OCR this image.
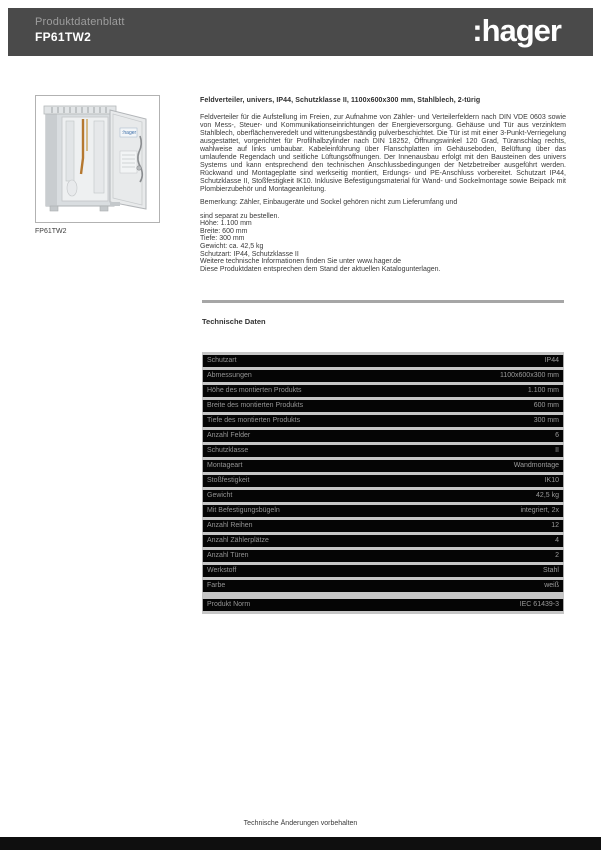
Produktdatenblatt
FP61TW2	:hager
:hager
FP61TW2
Feldverteiler, univers, IP44, Schutzklasse II, 1100x600x300 mm, Stahlblech, 2-türig

Feldverteiler für die Aufstellung im Freien, zur Aufnahme von Zähler- und Verteilerfeldern nach DIN VDE 0603 sowie von Mess-, Steuer- und Kommunikationseinrichtungen der Energieversorgung. Gehäuse und Tür aus verzinktem Stahlblech, oberflächenveredelt und witterungsbeständig pulverbeschichtet. Die Tür ist mit einer 3-Punkt-Verriegelung ausgestattet, vorgerichtet für Profilhalbzylinder nach DIN 18252, Öffnungswinkel 120 Grad, Türanschlag rechts, wahlweise auf links umbaubar. Kabeleinführung über Flanschplatten im Gehäuseboden, Belüftung über das umlaufende Regendach und seitliche Lüftungsöffnungen. Der Innenausbau erfolgt mit den Bausteinen des univers Systems und kann entsprechend den technischen Anschlussbedingungen der Netzbetreiber ausgeführt werden. Rückwand und Montageplatte sind werkseitig montiert, Erdungs- und PE-Anschluss vorbereitet. Schutzart IP44, Schutzklasse II, Stoßfestigkeit IK10. Inklusive Befestigungsmaterial für Wand- und Sockelmontage sowie Beipack mit Plombierzubehör und Montageanleitung.

Bemerkung: Zähler, Einbaugeräte und Sockel gehören nicht zum Lieferumfang und
sind separat zu bestellen.
Höhe: 1.100 mm
Breite: 600 mm
Tiefe: 300 mm
Gewicht: ca. 42,5 kg
Schutzart: IP44, Schutzklasse II
Weitere technische Informationen finden Sie unter www.hager.de
Diese Produktdaten entsprechen dem Stand der aktuellen Katalogunterlagen.
Technische Daten
Schutzart	IP44
Abmessungen	1100x600x300 mm
Höhe des montierten Produkts	1.100 mm
Breite des montierten Produkts	600 mm
Tiefe des montierten Produkts	300 mm
Anzahl Felder	6
Schutzklasse	II
Montageart	Wandmontage
Stoßfestigkeit	IK10
Gewicht	42,5 kg
Mit Befestigungsbügeln	integriert, 2x
Anzahl Reihen	12
Anzahl Zählerplätze	4
Anzahl Türen	2
Werkstoff	Stahl
Farbe	weiß
Produkt Norm	IEC 61439-3
Technische Änderungen vorbehalten
